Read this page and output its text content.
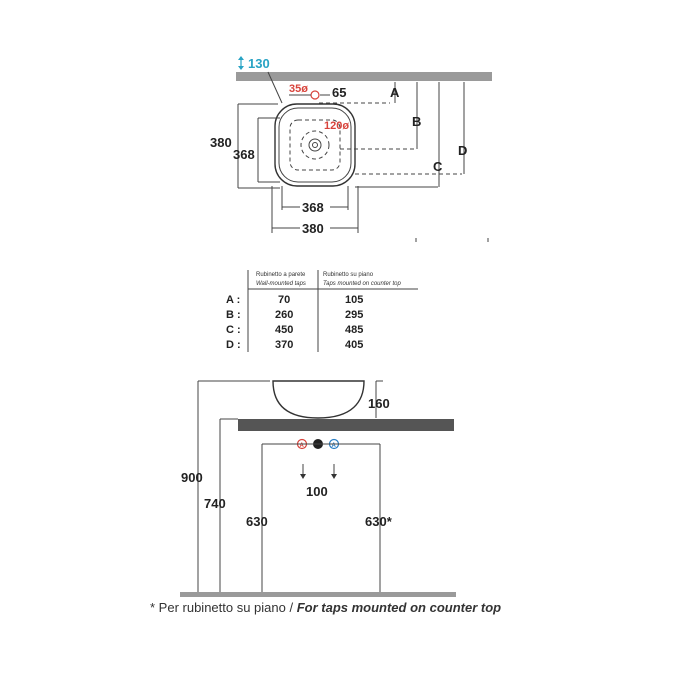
130
35ø 65
120ø
A
B
C
D
380
368
368
380
Rubinetto a parete
Wall-mounted taps
Rubinetto su piano
Taps mounted on counter top
A :	70	105
B :	260	295
C :	450	485
D :	370	405
160
A	A
100
900
740
630	630*
* Per rubinetto su piano / For taps mounted on counter top
